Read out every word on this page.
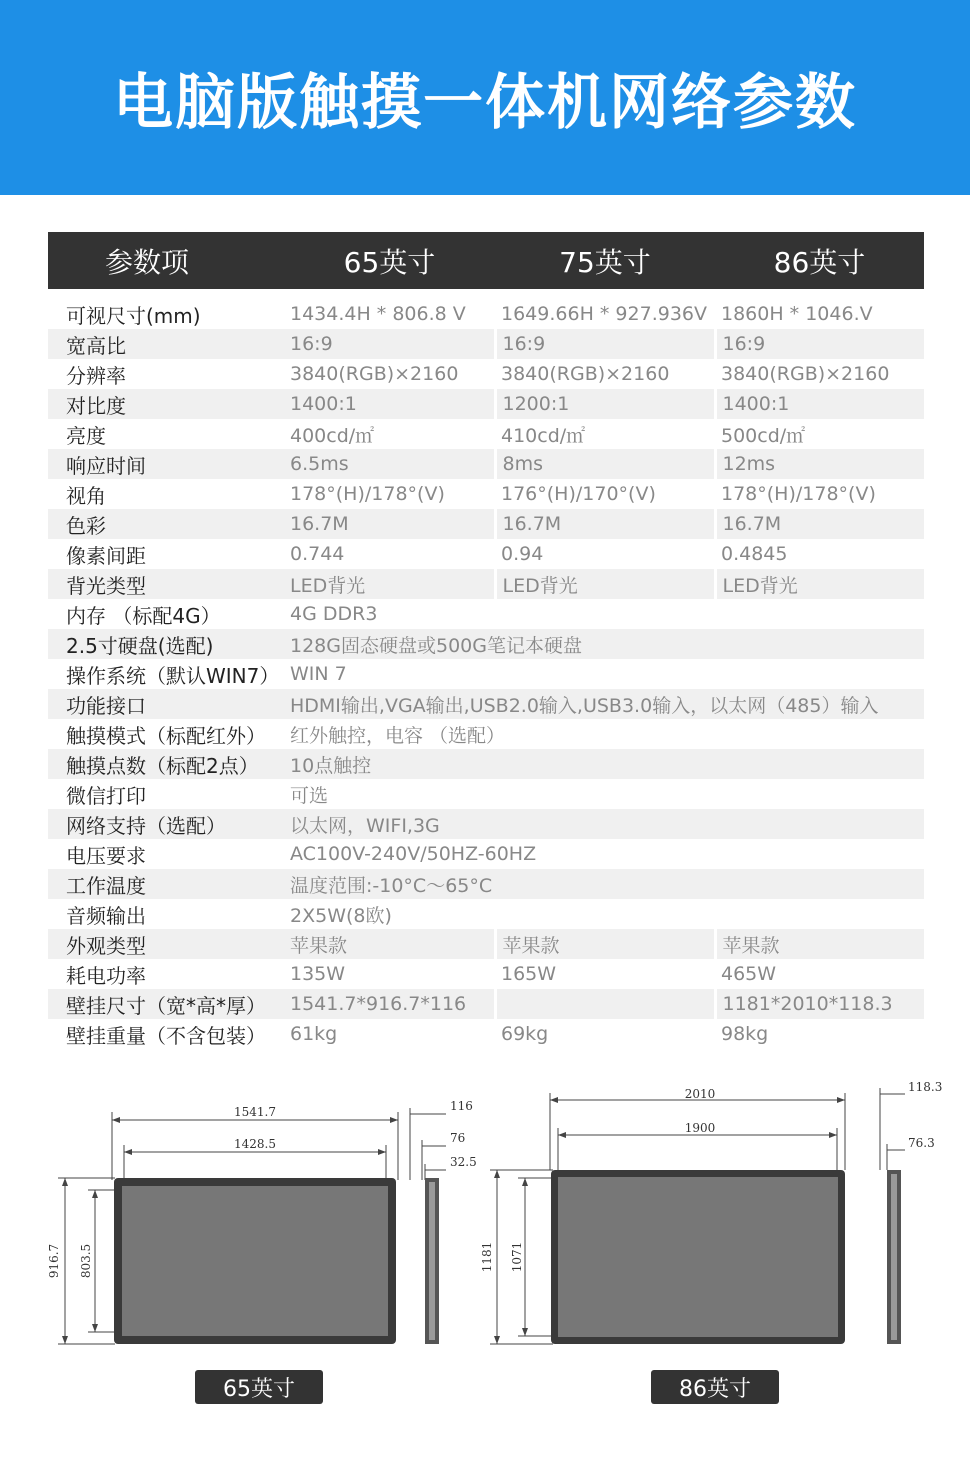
电脑版触摸一体机网络参数
参数项	65英寸	75英寸	86英寸

可视尺寸(mm)	1434.4H * 806.8 V	1649.66H * 927.936V	1860H * 1046.V
宽高比	16:9	16:9	16:9
分辨率	3840(RGB)×2160	3840(RGB)×2160	3840(RGB)×2160
对比度	1400:1	1200:1	1400:1
亮度	400cd/㎡	410cd/㎡	500cd/㎡
响应时间	6.5ms	8ms	12ms
视角	178°(H)/178°(V)	176°(H)/170°(V)	178°(H)/178°(V)
色彩	16.7M	16.7M	16.7M
像素间距	0.744	0.94	0.4845
背光类型	LED背光	LED背光	LED背光
内存 （标配4G）	4G DDR3		
2.5寸硬盘(选配)	128G固态硬盘或500G笔记本硬盘		
操作系统（默认WIN7）	WIN 7		
功能接口	HDMI输出,VGA输出,USB2.0输入,USB3.0输入，以太网（485）输入		
触摸模式（标配红外）	红外触控，电容 （选配）		
触摸点数（标配2点）	10点触控		
微信打印	可选		
网络支持（选配）	以太网，WIFI,3G		
电压要求	AC100V-240V/50HZ-60HZ		
工作温度	温度范围:-10°C～65°C		
音频输出	2X5W(8欧)		
外观类型	苹果款	苹果款	苹果款
耗电功率	135W	165W	465W
壁挂尺寸（宽*高*厚）	1541.7*916.7*116		1181*2010*118.3
壁挂重量（不含包装）	61kg	69kg	98kg
1541.7
1428.5
916.7 803.5
116
76
32.5
2010
1900
1181 1071
118.3
76.3
65英寸	86英寸
